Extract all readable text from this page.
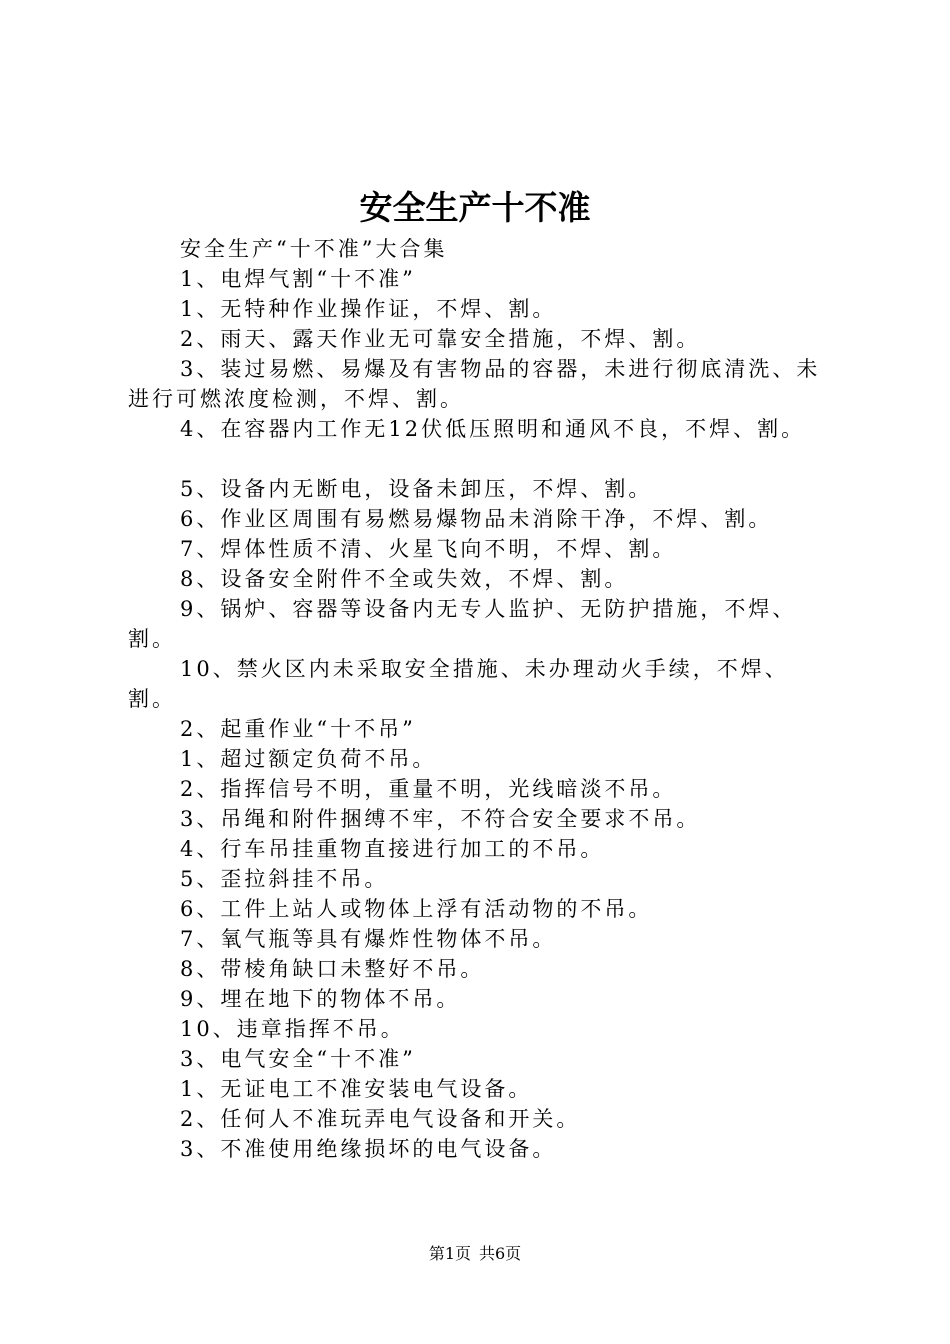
安全生产十不准

安全生产“十不准”大合集

1、电焊气割“十不准”

1、无特种作业操作证，不焊、割。

2、雨天、露天作业无可靠安全措施，不焊、割。

3、装过易燃、易爆及有害物品的容器，未进行彻底清洗、未进行可燃浓度检测，不焊、割。

4、在容器内工作无12伏低压照明和通风不良，不焊、割。

5、设备内无断电，设备未卸压，不焊、割。

6、作业区周围有易燃易爆物品未消除干净，不焊、割。

7、焊体性质不清、火星飞向不明，不焊、割。

8、设备安全附件不全或失效，不焊、割。

9、锅炉、容器等设备内无专人监护、无防护措施，不焊、割。

10、禁火区内未采取安全措施、未办理动火手续，不焊、割。

2、起重作业“十不吊”

1、超过额定负荷不吊。

2、指挥信号不明，重量不明，光线暗淡不吊。

3、吊绳和附件捆缚不牢，不符合安全要求不吊。

4、行车吊挂重物直接进行加工的不吊。

5、歪拉斜挂不吊。

6、工件上站人或物体上浮有活动物的不吊。

7、氧气瓶等具有爆炸性物体不吊。

8、带棱角缺口未整好不吊。

9、埋在地下的物体不吊。

10、违章指挥不吊。

3、电气安全“十不准”

1、无证电工不准安装电气设备。

2、任何人不准玩弄电气设备和开关。

3、不准使用绝缘损坏的电气设备。

第1页 共6页
